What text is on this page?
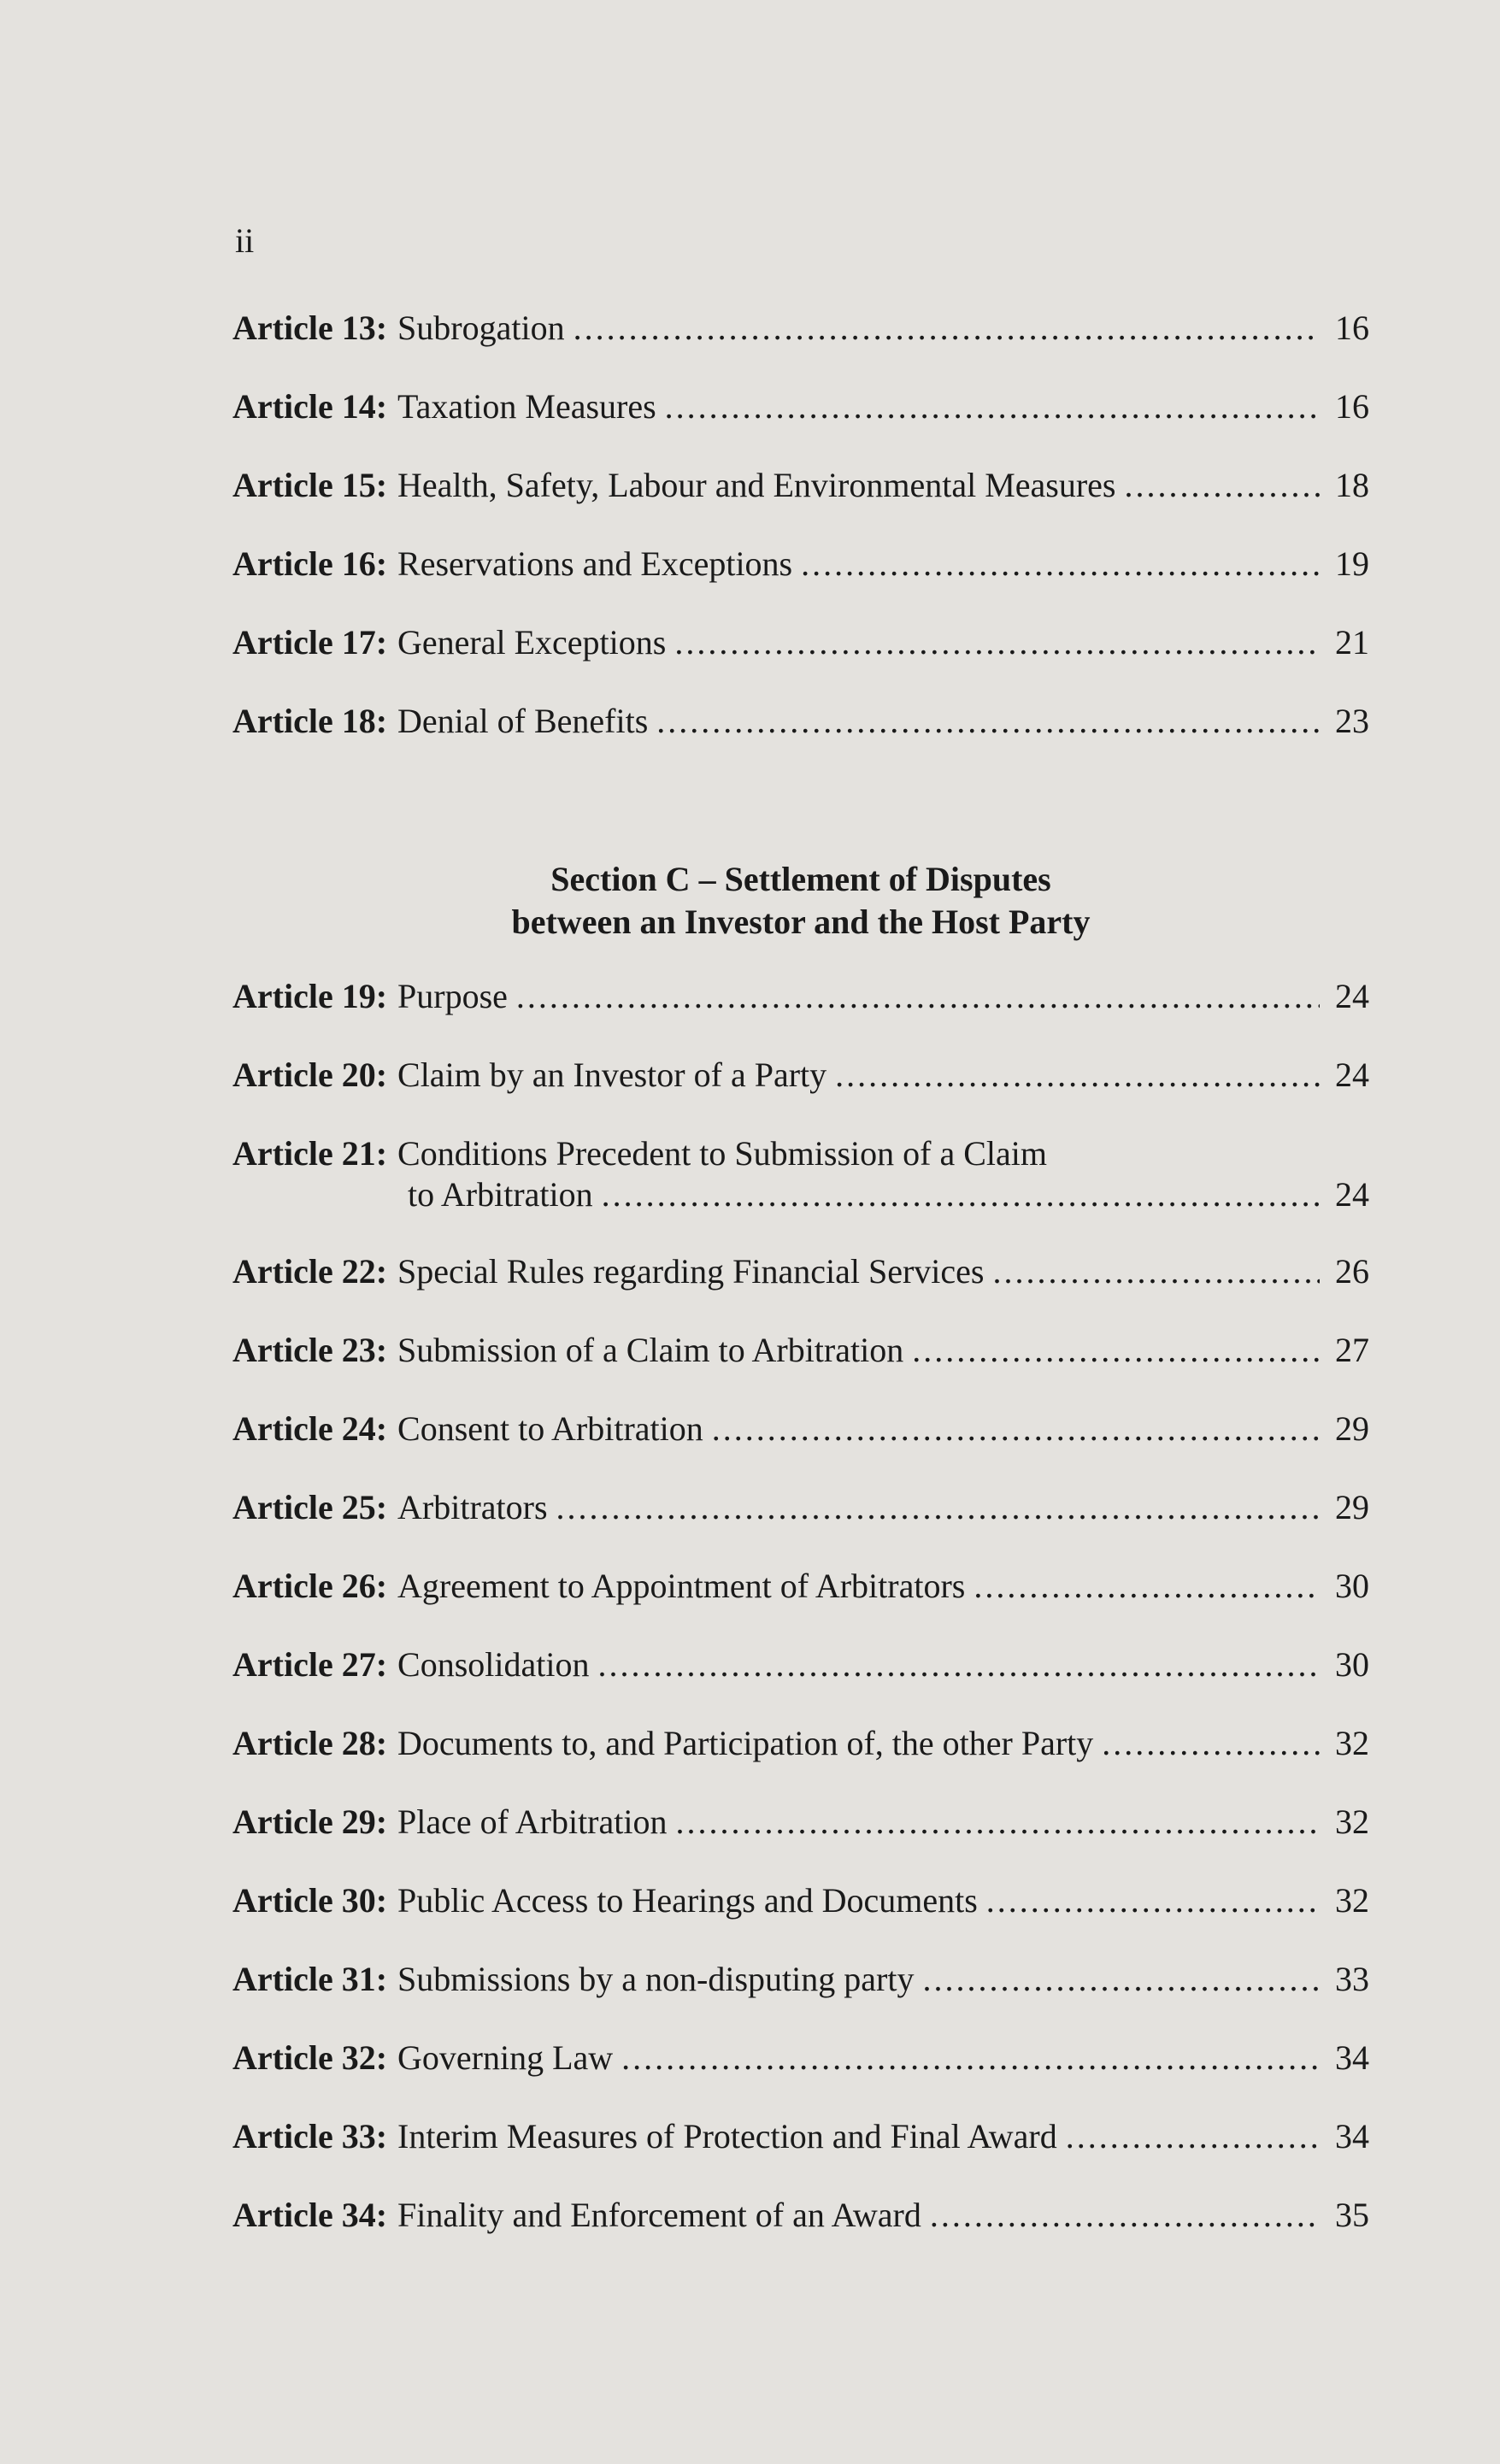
ii
Article 13: Subrogation .....	16
Article 14: Taxation Measures .....	16
Article 15: Health, Safety, Labour and Environmental Measures .....	18
Article 16: Reservations and Exceptions .....	19
Article 17: General Exceptions .....	21
Article 18: Denial of Benefits .....	23
Section C – Settlement of Disputes
between an Investor and the Host Party
Article 19: Purpose .....	24
Article 20: Claim by an Investor of a Party .....	24
Article 21: Conditions Precedent to Submission of a Claim
to Arbitration .....	24
Article 22: Special Rules regarding Financial Services .....	26
Article 23: Submission of a Claim to Arbitration .....	27
Article 24: Consent to Arbitration .....	29
Article 25: Arbitrators .....	29
Article 26: Agreement to Appointment of Arbitrators .....	30
Article 27: Consolidation .....	30
Article 28: Documents to, and Participation of, the other Party .....	32
Article 29: Place of Arbitration .....	32
Article 30: Public Access to Hearings and Documents .....	32
Article 31: Submissions by a non-disputing party .....	33
Article 32: Governing Law .....	34
Article 33: Interim Measures of Protection and Final Award .....	34
Article 34: Finality and Enforcement of an Award .....	35
